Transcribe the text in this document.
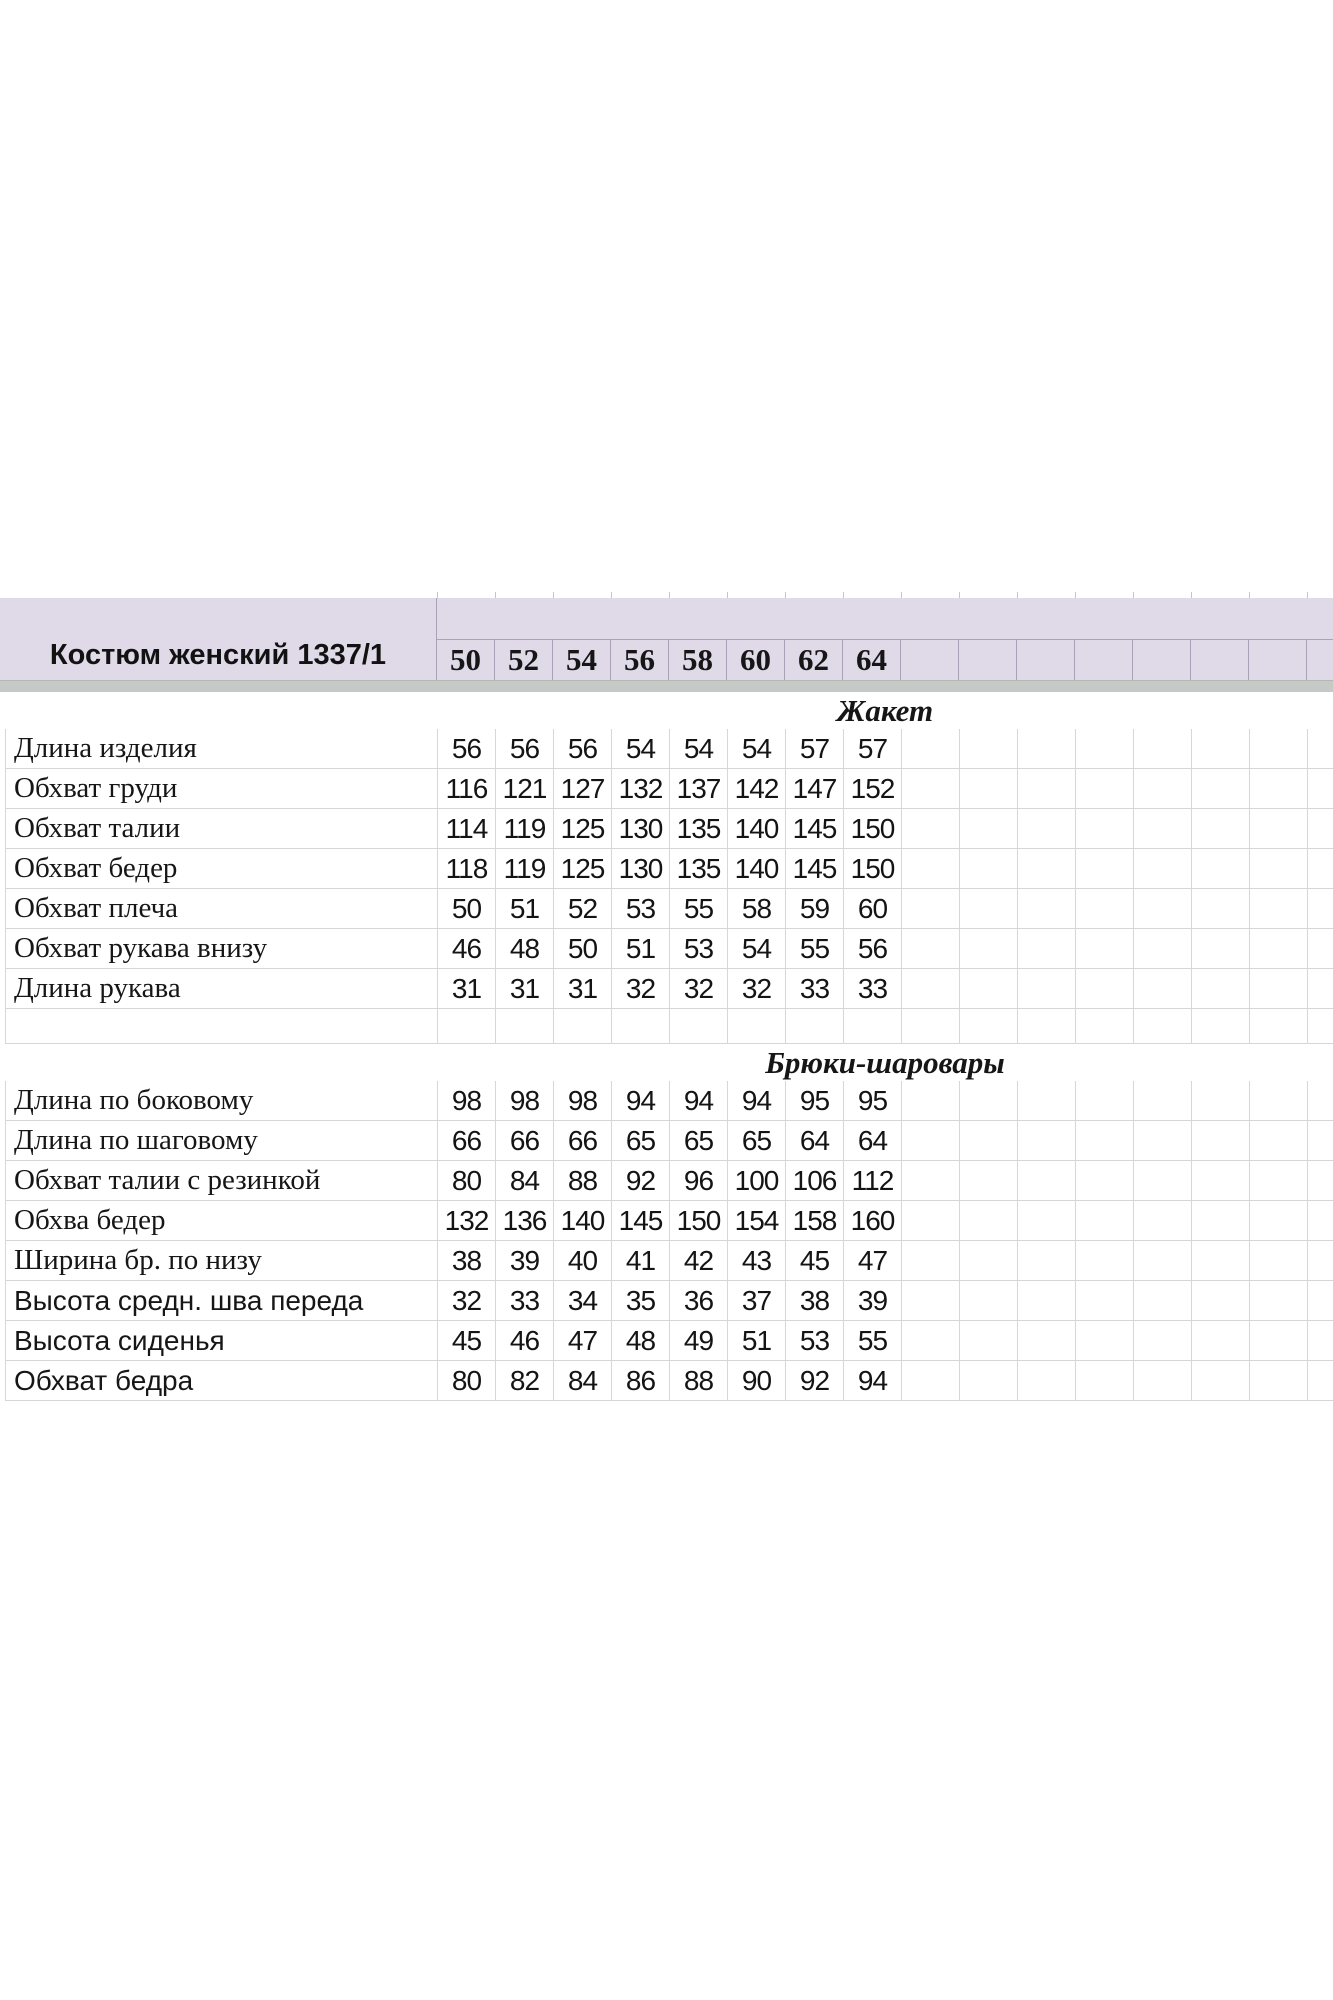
Костюм женский 1337/1	50 52 54 56 58 60 62 64
Жакет
Длина изделия	56	56	56	54	54	54	57	57
Обхват груди	116 121 127 132 137 142 147 152
Обхват талии	114 119 125 130 135 140 145 150
Обхват бедер	118 119 125 130 135 140 145 150
Обхват плеча	50	51	52	53	55	58	59	60
Обхват рукава внизу	46	48	50	51	53	54	55	56
Длина рукава	31	31	31	32	32	32	33	33
Брюки-шаровары
Длина по боковому	98	98	98	94	94	94	95	95
Длина по шаговому	66	66	66	65	65	65	64	64
Обхват талии с резинкой	80	84	88	92	96 100 106 112
Обхва бедер	132 136 140 145 150 154 158 160
Ширина бр. по низу	38	39	40	41	42	43	45	47
Высота средн. шва переда	32	33	34	35	36	37	38	39
Высота сиденья	45	46	47	48	49	51	53	55
Обхват бедра	80	82	84	86	88	90	92	94
